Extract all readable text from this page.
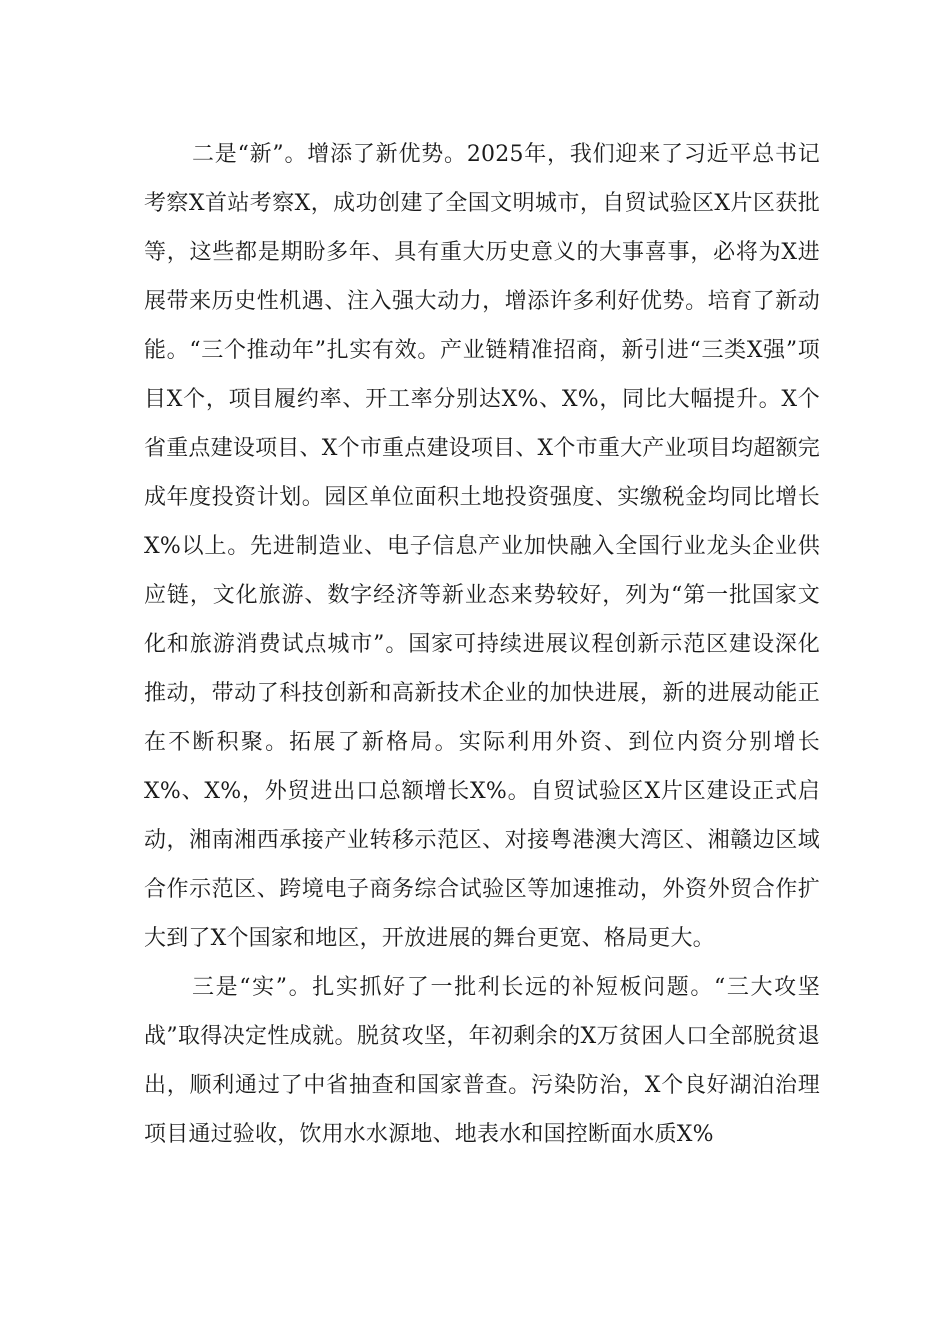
二是“新”。增添了新优势。2025年，我们迎来了习近平总书记考察X首站考察X，成功创建了全国文明城市，自贸试验区X片区获批等，这些都是期盼多年、具有重大历史意义的大事喜事，必将为X进展带来历史性机遇、注入强大动力，增添许多利好优势。培育了新动能。“三个推动年”扎实有效。产业链精准招商，新引进“三类X强”项目X个，项目履约率、开工率分别达X%、X%，同比大幅提升。X个省重点建设项目、X个市重点建设项目、X个市重大产业项目均超额完成年度投资计划。园区单位面积土地投资强度、实缴税金均同比增长X%以上。先进制造业、电子信息产业加快融入全国行业龙头企业供应链，文化旅游、数字经济等新业态来势较好，列为“第一批国家文化和旅游消费试点城市”。国家可持续进展议程创新示范区建设深化推动，带动了科技创新和高新技术企业的加快进展，新的进展动能正在不断积聚。拓展了新格局。实际利用外资、到位内资分别增长X%、X%，外贸进出口总额增长X%。自贸试验区X片区建设正式启动，湘南湘西承接产业转移示范区、对接粤港澳大湾区、湘赣边区域合作示范区、跨境电子商务综合试验区等加速推动，外资外贸合作扩大到了X个国家和地区，开放进展的舞台更宽、格局更大。

三是“实”。扎实抓好了一批利长远的补短板问题。“三大攻坚战”取得决定性成就。脱贫攻坚，年初剩余的X万贫困人口全部脱贫退出，顺利通过了中省抽查和国家普查。污染防治，X个良好湖泊治理项目通过验收，饮用水水源地、地表水和国控断面水质X%
